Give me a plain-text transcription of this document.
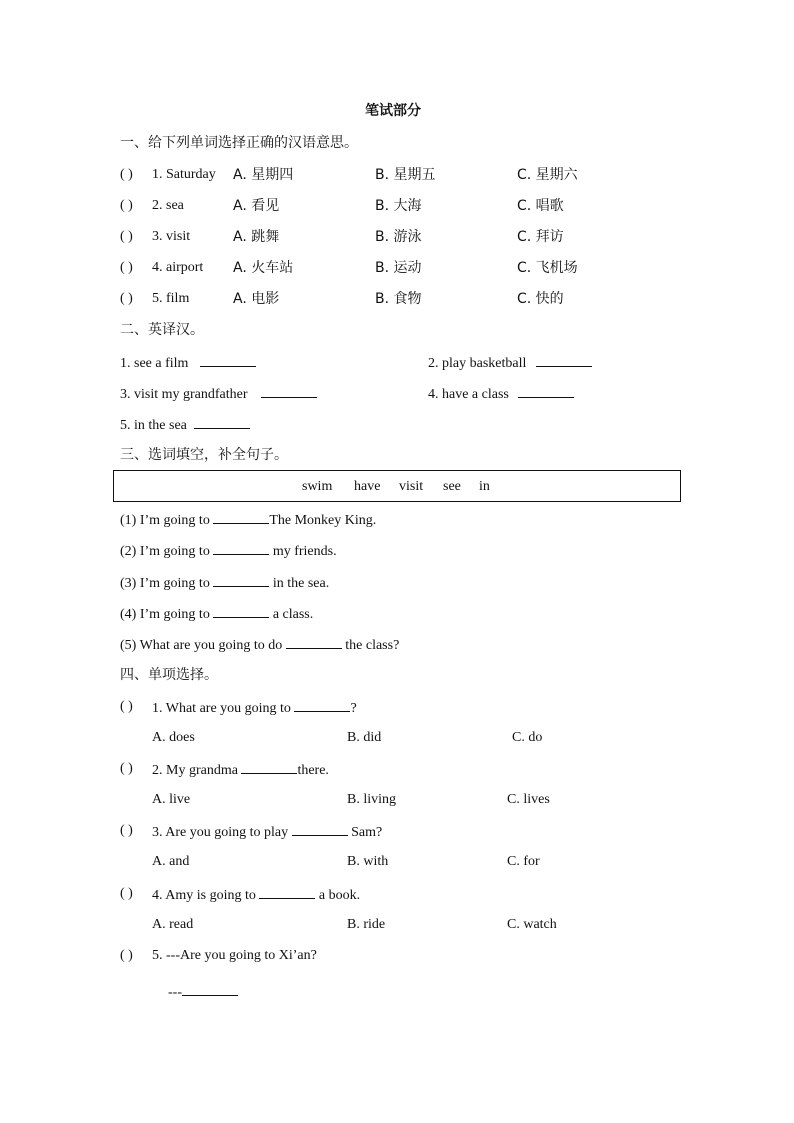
笔试部分
一、给下列单词选择正确的汉语意思。
( ) 1. Saturday A. 星期四	B. 星期五	C. 星期六
( ) 2. sea	A. 看见	B. 大海	C. 唱歌
( ) 3. visit	A. 跳舞	B. 游泳	C. 拜访
( ) 4. airport A. 火车站	B. 运动	C. 飞机场
( ) 5. film	A. 电影	B. 食物	C. 快的
二、英译汉。
1. see a film	2. play basketball
3. visit my grandfather	4. have a class
5. in the sea
三、选词填空，补全句子。
swim have visit see in
(1) I’m going to	The Monkey King.
(2) I’m going to	my friends.
(3) I’m going to	in the sea.
(4) I’m going to	a class.
(5) What are you going to do	the class?
四、单项选择。
( ) 1. What are you going to	?
A. does	B. did	C. do
( ) 2. My grandma	there.
A. live	B. living	C. lives
( ) 3. Are you going to play	Sam?
A. and	B. with	C. for
( ) 4. Amy is going to	a book.
A. read	B. ride	C. watch
( ) 5. ---Are you going to Xi’an?
---
